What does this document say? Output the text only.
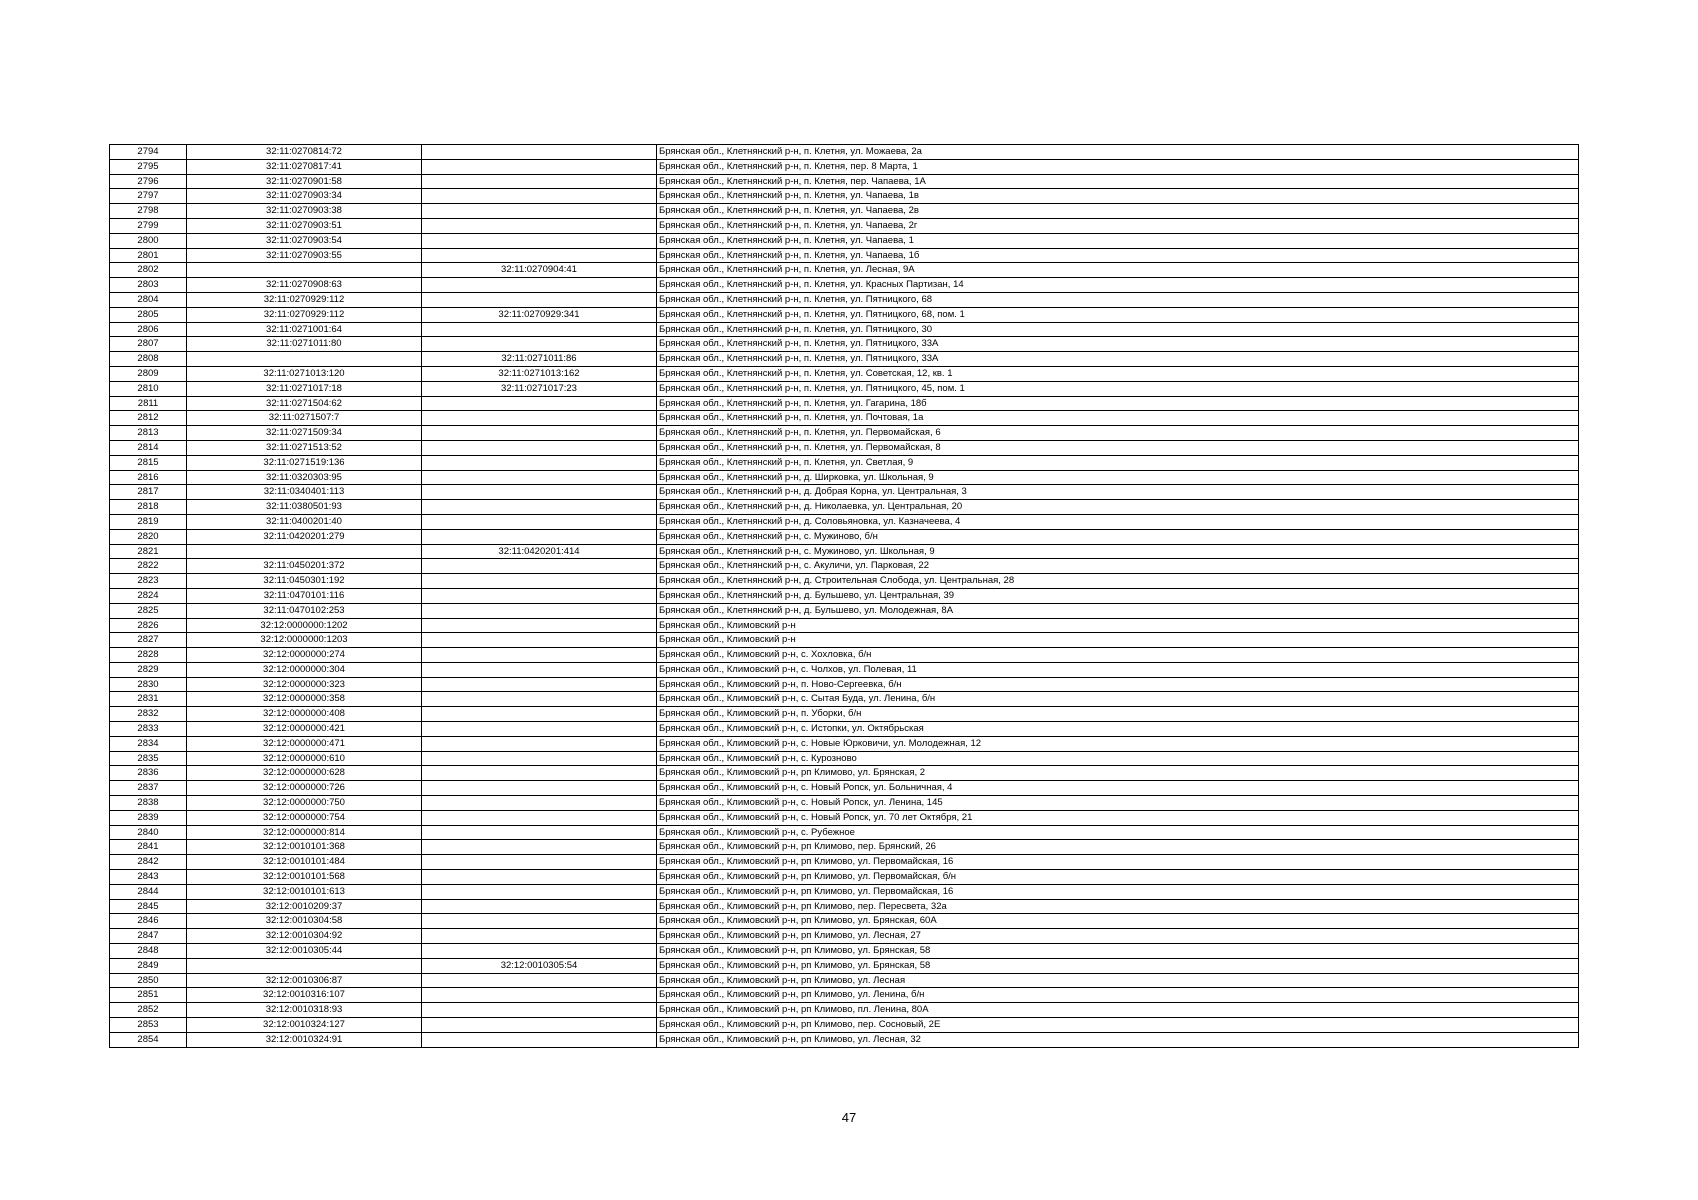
2794	32:11:0270814:72		Брянская обл., Клетнянский р-н, п. Клетня, ул. Можаева, 2а
2795	32:11:0270817:41		Брянская обл., Клетнянский р-н, п. Клетня, пер. 8 Марта, 1
2796	32:11:0270901:58		Брянская обл., Клетнянский р-н, п. Клетня, пер. Чапаева, 1А
2797	32:11:0270903:34		Брянская обл., Клетнянский р-н, п. Клетня, ул. Чапаева, 1в
2798	32:11:0270903:38		Брянская обл., Клетнянский р-н, п. Клетня, ул. Чапаева, 2в
2799	32:11:0270903:51		Брянская обл., Клетнянский р-н, п. Клетня, ул. Чапаева, 2г
2800	32:11:0270903:54		Брянская обл., Клетнянский р-н, п. Клетня, ул. Чапаева, 1
2801	32:11:0270903:55		Брянская обл., Клетнянский р-н, п. Клетня, ул. Чапаева, 1б
2802		32:11:0270904:41	Брянская обл., Клетнянский р-н, п. Клетня, ул. Лесная, 9А
2803	32:11:0270908:63		Брянская обл., Клетнянский р-н, п. Клетня, ул. Красных Партизан, 14
2804	32:11:0270929:112		Брянская обл., Клетнянский р-н, п. Клетня, ул. Пятницкого, 68
2805	32:11:0270929:112	32:11:0270929:341	Брянская обл., Клетнянский р-н, п. Клетня, ул. Пятницкого, 68, пом. 1
2806	32:11:0271001:64		Брянская обл., Клетнянский р-н, п. Клетня, ул. Пятницкого, 30
2807	32:11:0271011:80		Брянская обл., Клетнянский р-н, п. Клетня, ул. Пятницкого, 33А
2808		32:11:0271011:86	Брянская обл., Клетнянский р-н, п. Клетня, ул. Пятницкого, 33А
2809	32:11:0271013:120	32:11:0271013:162	Брянская обл., Клетнянский р-н, п. Клетня, ул. Советская, 12, кв. 1
2810	32:11:0271017:18	32:11:0271017:23	Брянская обл., Клетнянский р-н, п. Клетня, ул. Пятницкого, 45, пом. 1
2811	32:11:0271504:62		Брянская обл., Клетнянский р-н, п. Клетня, ул. Гагарина, 18б
2812	32:11:0271507:7		Брянская обл., Клетнянский р-н, п. Клетня, ул. Почтовая, 1а
2813	32:11:0271509:34		Брянская обл., Клетнянский р-н, п. Клетня, ул. Первомайская, 6
2814	32:11:0271513:52		Брянская обл., Клетнянский р-н, п. Клетня, ул. Первомайская, 8
2815	32:11:0271519:136		Брянская обл., Клетнянский р-н, п. Клетня, ул. Светлая, 9
2816	32:11:0320303:95		Брянская обл., Клетнянский р-н, д. Ширковка, ул. Школьная, 9
2817	32:11:0340401:113		Брянская обл., Клетнянский р-н, д. Добрая Корна, ул. Центральная, 3
2818	32:11:0380501:93		Брянская обл., Клетнянский р-н, д. Николаевка, ул. Центральная, 20
2819	32:11:0400201:40		Брянская обл., Клетнянский р-н, д. Соловьяновка, ул. Казначеева, 4
2820	32:11:0420201:279		Брянская обл., Клетнянский р-н, с. Мужиново, б/н
2821		32:11:0420201:414	Брянская обл., Клетнянский р-н, с. Мужиново, ул. Школьная, 9
2822	32:11:0450201:372		Брянская обл., Клетнянский р-н, с. Акуличи, ул. Парковая, 22
2823	32:11:0450301:192		Брянская обл., Клетнянский р-н, д. Строительная Слобода, ул. Центральная, 28
2824	32:11:0470101:116		Брянская обл., Клетнянский р-н, д. Бульшево, ул. Центральная, 39
2825	32:11:0470102:253		Брянская обл., Клетнянский р-н, д. Бульшево, ул. Молодежная, 8А
2826	32:12:0000000:1202		Брянская обл., Климовский р-н
2827	32:12:0000000:1203		Брянская обл., Климовский р-н
2828	32:12:0000000:274		Брянская обл., Климовский р-н, с. Хохловка, б/н
2829	32:12:0000000:304		Брянская обл., Климовский р-н, с. Чолхов, ул. Полевая, 11
2830	32:12:0000000:323		Брянская обл., Климовский р-н, п. Ново-Сергеевка, б/н
2831	32:12:0000000:358		Брянская обл., Климовский р-н, с. Сытая Буда, ул. Ленина, б/н
2832	32:12:0000000:408		Брянская обл., Климовский р-н, п. Уборки, б/н
2833	32:12:0000000:421		Брянская обл., Климовский р-н, с. Истопки, ул. Октябрьская
2834	32:12:0000000:471		Брянская обл., Климовский р-н, с. Новые Юрковичи, ул. Молодежная, 12
2835	32:12:0000000:610		Брянская обл., Климовский р-н, с. Курозново
2836	32:12:0000000:628		Брянская обл., Климовский р-н, рп Климово, ул. Брянская, 2
2837	32:12:0000000:726		Брянская обл., Климовский р-н, с. Новый Ропск, ул. Больничная, 4
2838	32:12:0000000:750		Брянская обл., Климовский р-н, с. Новый Ропск, ул. Ленина, 145
2839	32:12:0000000:754		Брянская обл., Климовский р-н, с. Новый Ропск, ул. 70 лет Октября, 21
2840	32:12:0000000:814		Брянская обл., Климовский р-н, с. Рубежное
2841	32:12:0010101:368		Брянская обл., Климовский р-н, рп Климово, пер. Брянский, 26
2842	32:12:0010101:484		Брянская обл., Климовский р-н, рп Климово, ул. Первомайская, 16
2843	32:12:0010101:568		Брянская обл., Климовский р-н, рп Климово, ул. Первомайская, б/н
2844	32:12:0010101:613		Брянская обл., Климовский р-н, рп Климово, ул. Первомайская, 16
2845	32:12:0010209:37		Брянская обл., Климовский р-н, рп Климово, пер. Пересвета, 32а
2846	32:12:0010304:58		Брянская обл., Климовский р-н, рп Климово, ул. Брянская, 60А
2847	32:12:0010304:92		Брянская обл., Климовский р-н, рп Климово, ул. Лесная, 27
2848	32:12:0010305:44		Брянская обл., Климовский р-н, рп Климово, ул. Брянская, 58
2849		32:12:0010305:54	Брянская обл., Климовский р-н, рп Климово, ул. Брянская, 58
2850	32:12:0010306:87		Брянская обл., Климовский р-н, рп Климово, ул. Лесная
2851	32:12:0010316:107		Брянская обл., Климовский р-н, рп Климово, ул. Ленина, б/н
2852	32:12:0010318:93		Брянская обл., Климовский р-н, рп Климово, пл. Ленина, 80А
2853	32:12:0010324:127		Брянская обл., Климовский р-н, рп Климово, пер. Сосновый, 2Е
2854	32:12:0010324:91		Брянская обл., Климовский р-н, рп Климово, ул. Лесная, 32
47
